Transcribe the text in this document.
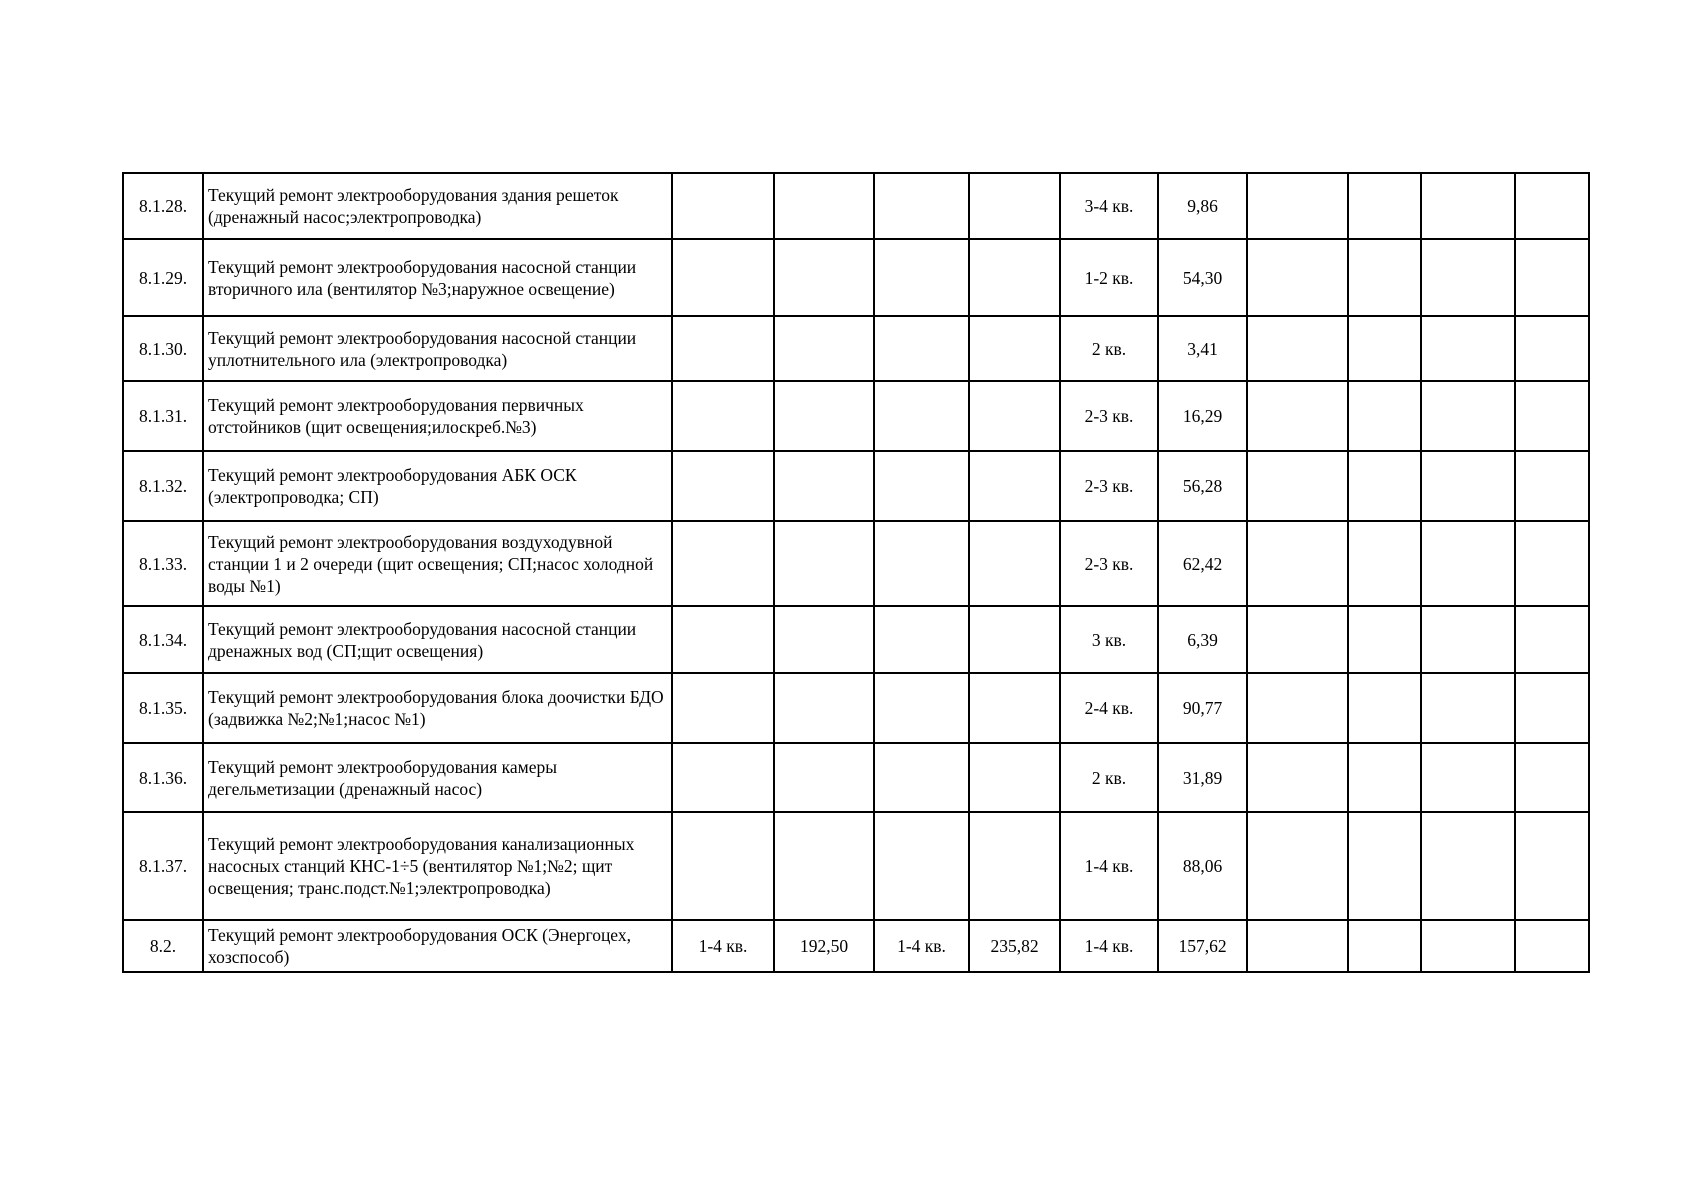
8.1.28.	Текущий ремонт электрооборудования здания решеток (дренажный насос;электропроводка)					3-4 кв.	9,86				
8.1.29.	Текущий ремонт электрооборудования насосной станции вторичного ила (вентилятор №3;наружное освещение)					1-2 кв.	54,30				
8.1.30.	Текущий ремонт электрооборудования насосной станции уплотнительного ила (электропроводка)					2 кв.	3,41				
8.1.31.	Текущий ремонт электрооборудования первичных отстойников (щит освещения;илоскреб.№3)					2-3 кв.	16,29				
8.1.32.	Текущий ремонт электрооборудования АБК ОСК (электропроводка; СП)					2-3 кв.	56,28				
8.1.33.	Текущий ремонт электрооборудования воздуходувной станции 1 и 2 очереди (щит освещения; СП;насос холодной воды №1)					2-3 кв.	62,42				
8.1.34.	Текущий ремонт электрооборудования насосной станции дренажных вод (СП;щит освещения)					3 кв.	6,39				
8.1.35.	Текущий ремонт электрооборудования блока доочистки БДО (задвижка №2;№1;насос №1)					2-4 кв.	90,77				
8.1.36.	Текущий ремонт электрооборудования камеры дегельметизации (дренажный насос)					2 кв.	31,89				
8.1.37.	Текущий ремонт электрооборудования канализационных насосных станций КНС-1÷5 (вентилятор №1;№2; щит освещения; транс.подст.№1;электропроводка)					1-4 кв.	88,06				
8.2.	Текущий ремонт электрооборудования ОСК (Энергоцех, хозспособ)	1-4 кв.	192,50	1-4 кв.	235,82	1-4 кв.	157,62				
